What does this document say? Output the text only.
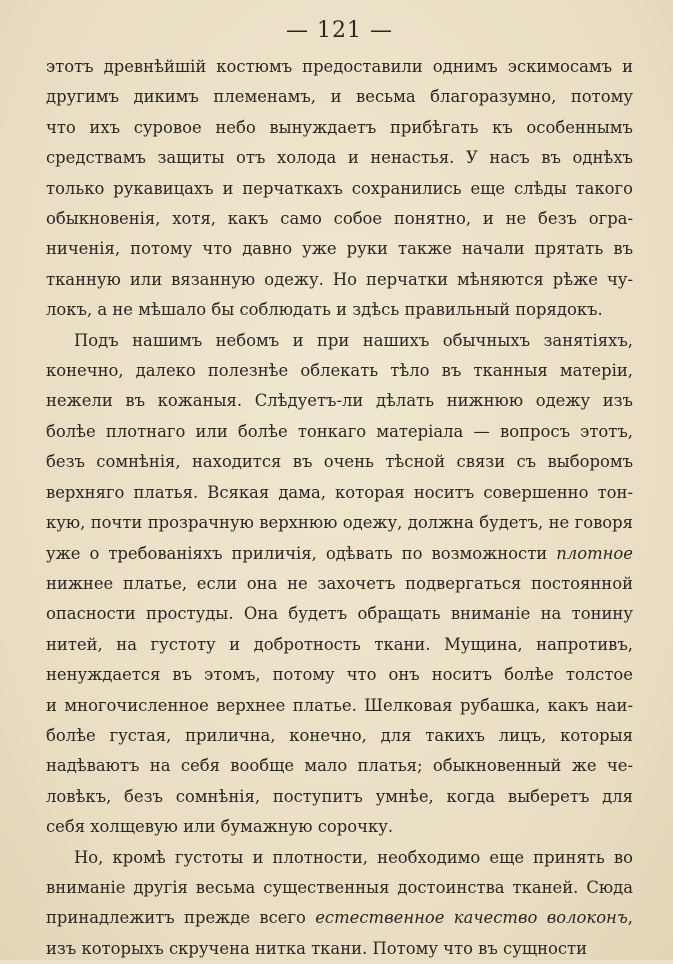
— 121 —
этотъ древнѣйшій костюмъ предоставили однимъ эскимосамъ и
другимъ дикимъ племенамъ, и весьма благоразумно, потому
что ихъ суровое небо вынуждаетъ прибѣгать къ особеннымъ
средствамъ защиты отъ холода и ненастья. У насъ въ однѣхъ
только рукавицахъ и перчаткахъ сохранились еще слѣды такого
обыкновенія, хотя, какъ само собое понятно, и не безъ огра-
ниченія, потому что давно уже руки также начали прятать въ
тканную или вязанную одежу. Но перчатки мѣняются рѣже чу-
локъ, а не мѣшало бы соблюдать и здѣсь правильный порядокъ.
Подъ нашимъ небомъ и при нашихъ обычныхъ занятіяхъ,
конечно, далеко полезнѣе облекать тѣло въ тканныя матеріи,
нежели въ кожаныя. Слѣдуетъ-ли дѣлать нижнюю одежу изъ
болѣе плотнаго или болѣе тонкаго матеріала — вопросъ этотъ,
безъ сомнѣнія, находится въ очень тѣсной связи съ выборомъ
верхняго платья. Всякая дама, которая носитъ совершенно тон-
кую, почти прозрачную верхнюю одежу, должна будетъ, не говоря
уже о требованіяхъ приличія, одѣвать по возможности плотное
нижнее платье, если она не захочетъ подвергаться постоянной
опасности простуды. Она будетъ обращать вниманіе на тонину
нитей, на густоту и добротность ткани. Мущина, напротивъ,
ненуждается въ этомъ, потому что онъ носитъ болѣе толстое
и многочисленное верхнее платье. Шелковая рубашка, какъ наи-
болѣе густая, прилична, конечно, для такихъ лицъ, которыя
надѣваютъ на себя вообще мало платья; обыкновенный же че-
ловѣкъ, безъ сомнѣнія, поступитъ умнѣе, когда выберетъ для
себя холщевую или бумажную сорочку.
Но, кромѣ густоты и плотности, необходимо еще принять во
вниманіе другія весьма существенныя достоинства тканей. Сюда
принадлежитъ прежде всего естественное качество волоконъ,
изъ которыхъ скручена нитка ткани. Потому что въ сущности
